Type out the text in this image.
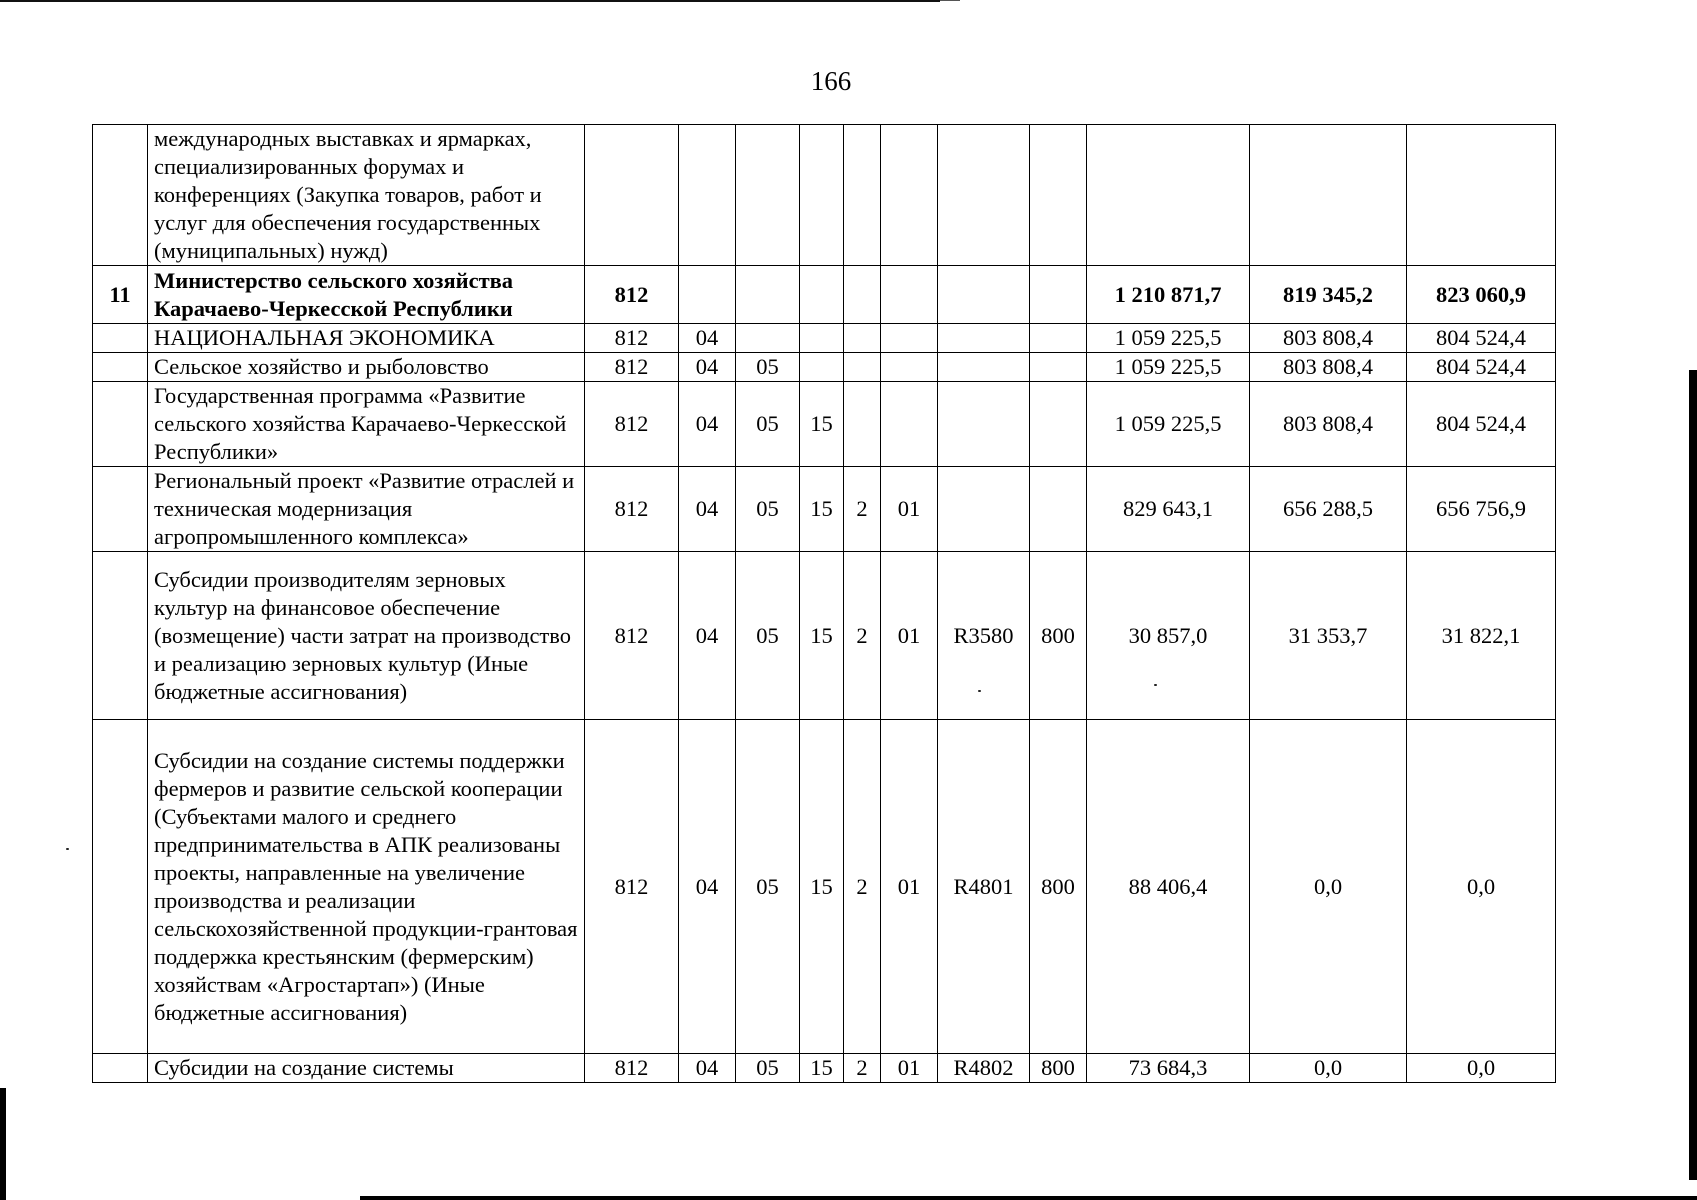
166
	международных выставках и ярмарках, специализированных форумах и конференциях (Закупка товаров, работ и услуг для обеспечения государственных (муниципальных) нужд)											
11	Министерство сельского хозяйства Карачаево-Черкесской Республики	812								1 210 871,7	819 345,2	823 060,9
	НАЦИОНАЛЬНАЯ ЭКОНОМИКА	812	04							1 059 225,5	803 808,4	804 524,4
	Сельское хозяйство и рыболовство	812	04	05						1 059 225,5	803 808,4	804 524,4
	Государственная программа «Развитие сельского хозяйства Карачаево-Черкесской Республики»	812	04	05	15					1 059 225,5	803 808,4	804 524,4
	Региональный проект «Развитие отраслей и техническая модернизация агропромышленного комплекса»	812	04	05	15	2	01			829 643,1	656 288,5	656 756,9
	Субсидии производителям зерновых культур на финансовое обеспечение (возмещение) части затрат на производство и реализацию зерновых культур (Иные бюджетные ассигнования)	812	04	05	15	2	01	R3580	800	30 857,0	31 353,7	31 822,1
	Субсидии на создание системы поддержки фермеров и развитие сельской кооперации (Субъектами малого и среднего предпринимательства в АПК реализованы проекты, направленные на увеличение производства и реализации сельскохозяйственной продукции-грантовая поддержка крестьянским (фермерским) хозяйствам «Агростартап») (Иные бюджетные ассигнования)	812	04	05	15	2	01	R4801	800	88 406,4	0,0	0,0
	Субсидии на создание системы	812	04	05	15	2	01	R4802	800	73 684,3	0,0	0,0
